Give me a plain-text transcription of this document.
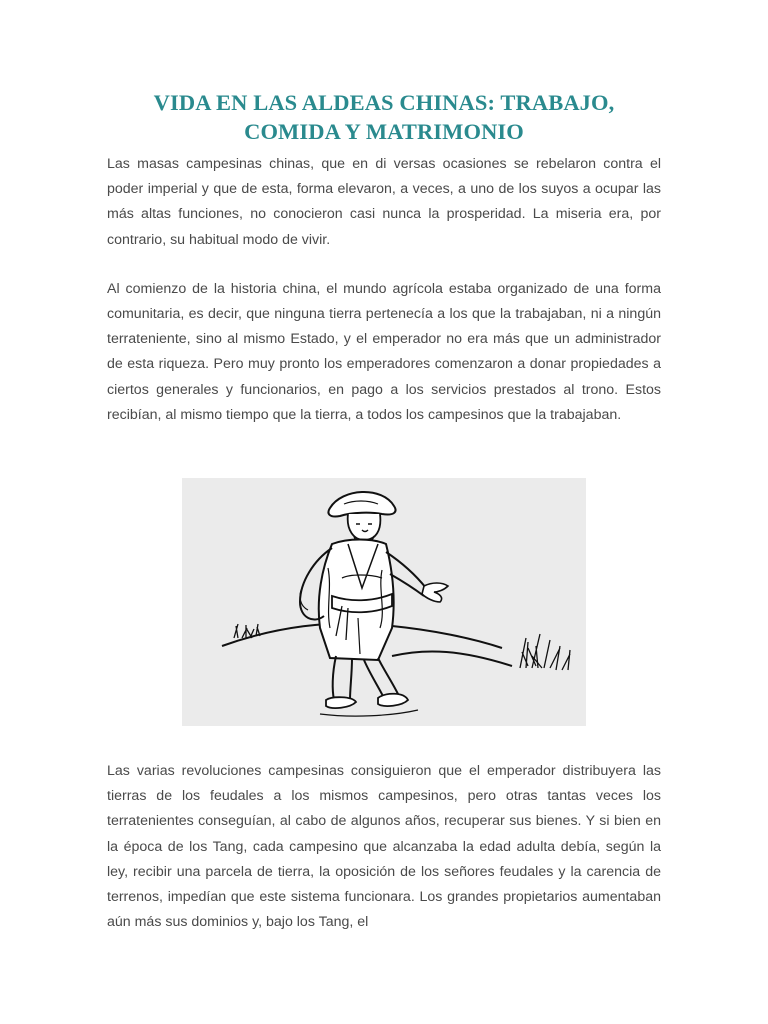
VIDA EN LAS ALDEAS CHINAS: TRABAJO,
COMIDA Y MATRIMONIO

Las masas campesinas chinas, que en di versas ocasiones se rebelaron contra el poder imperial y que de esta, forma elevaron, a veces, a uno de los suyos a ocupar las más altas funciones, no conocieron casi nunca la prosperidad. La miseria era, por contrario, su habitual modo de vivir.

Al comienzo de la historia china, el mundo agrícola estaba organizado de una forma comunitaria, es decir, que ninguna tierra pertenecía a los que la trabajaban, ni a ningún terrateniente, sino al mismo Estado, y el emperador no era más que un administrador de esta riqueza. Pero muy pronto los emperadores comenzaron a donar propiedades a ciertos generales y funcionarios, en pago a los servicios prestados al trono. Estos recibían, al mismo tiempo que la tierra, a todos los campesinos que la trabajaban.

Las varias revoluciones campesinas consiguieron que el emperador distribuyera las tierras de los feudales a los mismos campesinos, pero otras tantas veces los terratenientes conseguían, al cabo de algunos años, recuperar sus bienes. Y si bien en la época de los Tang, cada campesino que alcanzaba la edad adulta debía, según la ley, recibir una parcela de tierra, la oposición de los señores feudales y la carencia de terrenos, impedían que este sistema funcionara. Los grandes propietarios aumentaban aún más sus dominios y, bajo los Tang, el
